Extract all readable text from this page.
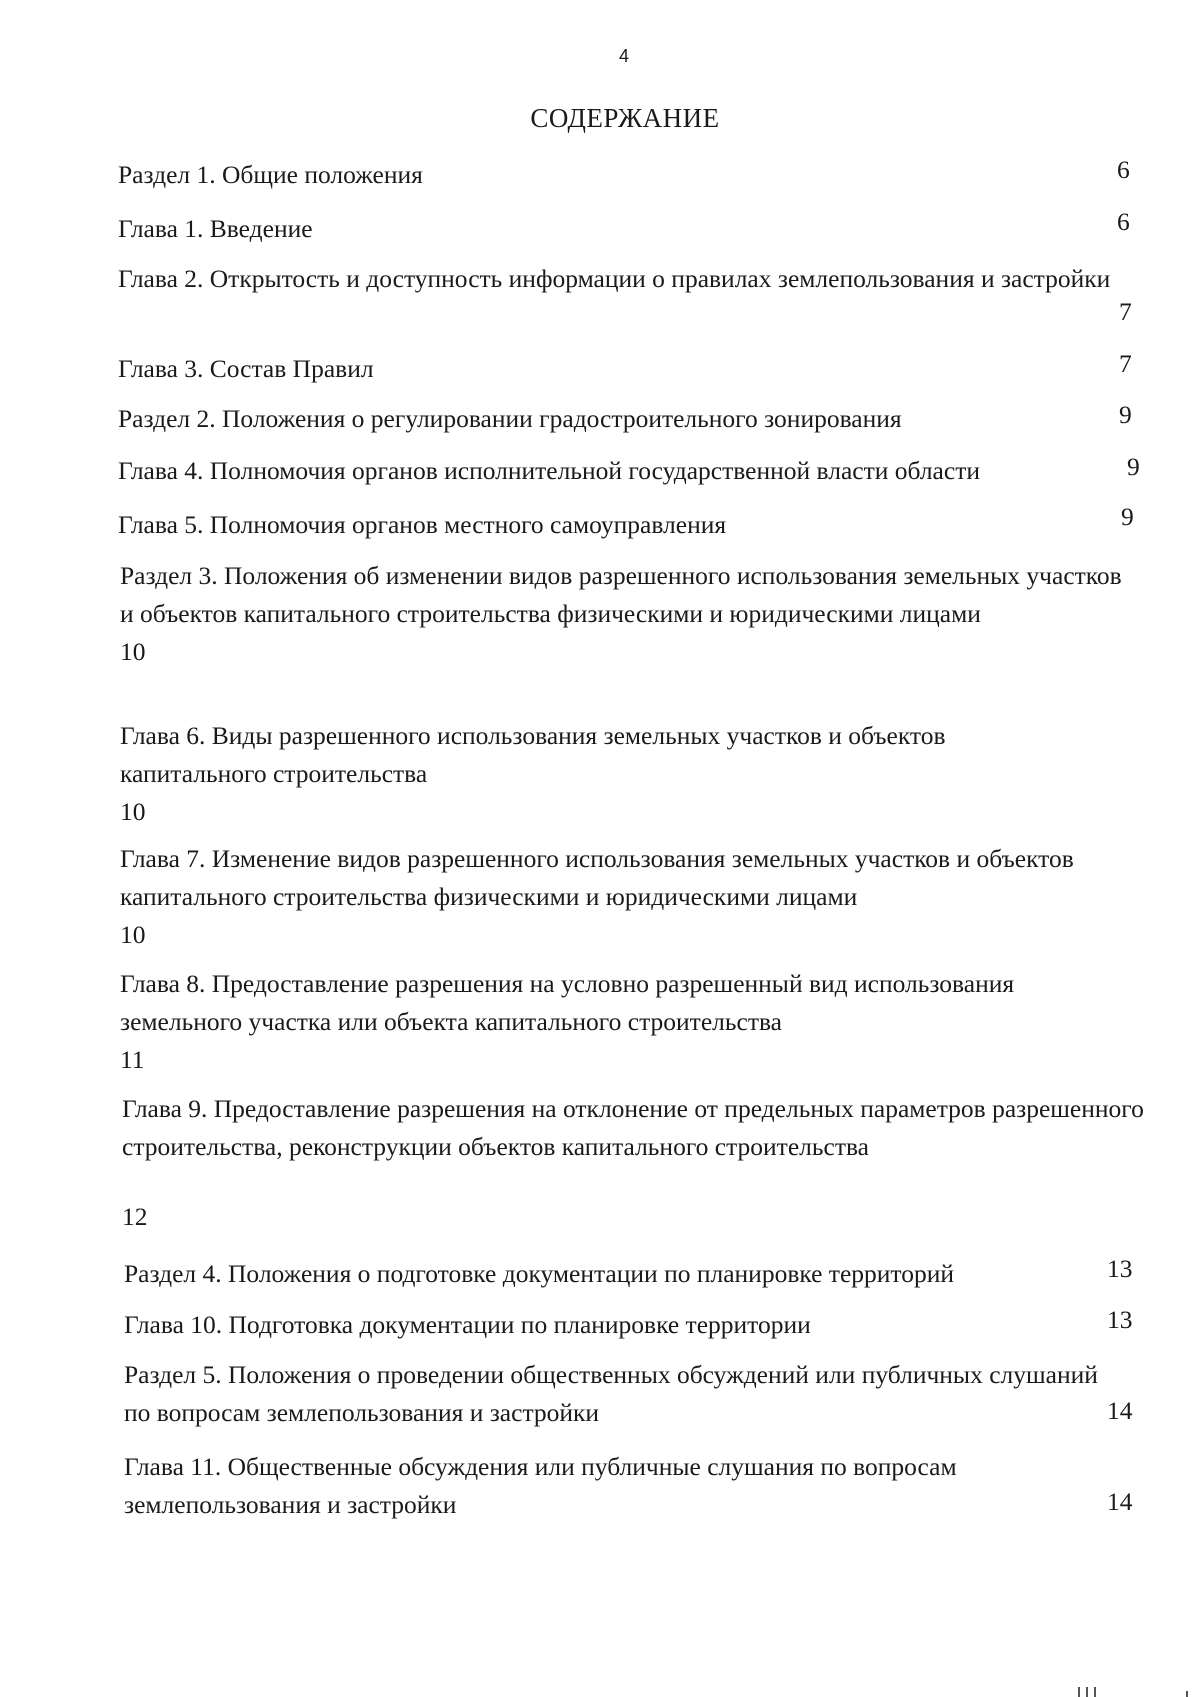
4
СОДЕРЖАНИЕ
Раздел 1. Общие положения	6
Глава 1. Введение	6
Глава 2. Открытость и доступность информации о правилах землепользования и застройки
7
Глава 3. Состав Правил	7
Раздел 2. Положения о регулировании градостроительного зонирования	9
Глава 4. Полномочия органов исполнительной государственной власти области	9
Глава 5. Полномочия органов местного самоуправления	9
Раздел 3. Положения об изменении видов разрешенного использования земельных участков и объектов капитального строительства физическими и юридическими лицами
10
Глава 6. Виды разрешенного использования земельных участков и объектов капитального строительства
10
Глава 7. Изменение видов разрешенного использования земельных участков и объектов капитального строительства физическими и юридическими лицами
10
Глава 8. Предоставление разрешения на условно разрешенный вид использования земельного участка или объекта капитального строительства
11
Глава 9. Предоставление разрешения на отклонение от предельных параметров разрешенного строительства, реконструкции объектов капитального строительства
12
Раздел 4. Положения о подготовке документации по планировке территорий	13
Глава 10. Подготовка документации по планировке территории	13
Раздел 5. Положения о проведении общественных обсуждений или публичных слушаний по вопросам землепользования и застройки	14
Глава 11. Общественные обсуждения или публичные слушания по вопросам землепользования и застройки	14
